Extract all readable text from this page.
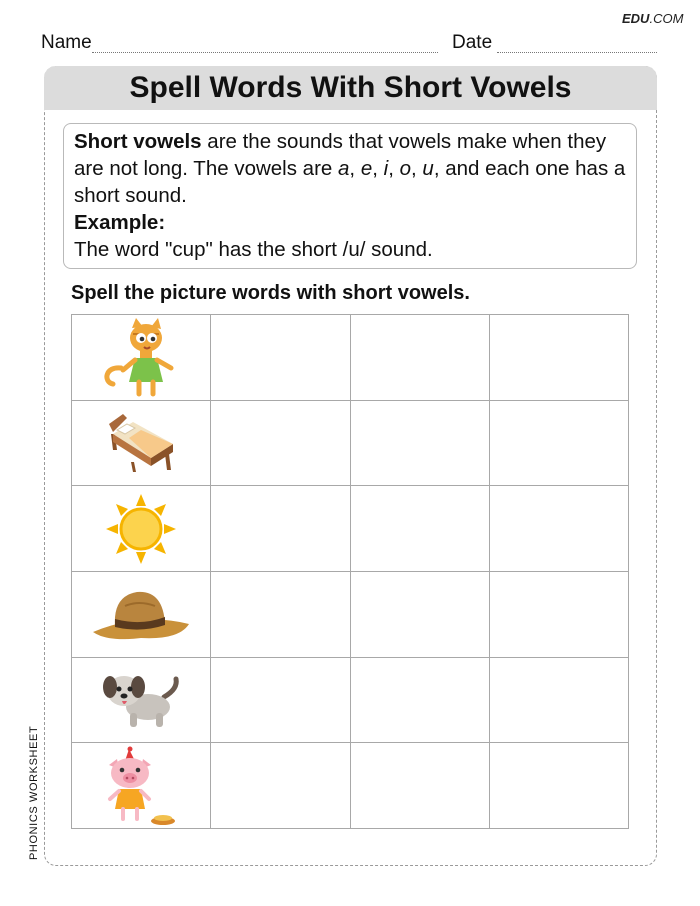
EDU.COM
Name	Date
Spell Words With Short Vowels

Short vowels are the sounds that vowels make when they are not long. The vowels are a, e, i, o, u, and each one has a short sound.

Example:

The word "cup" has the short /u/ sound.

Spell the picture words with short vowels.
PHONICS WORKSHEET
